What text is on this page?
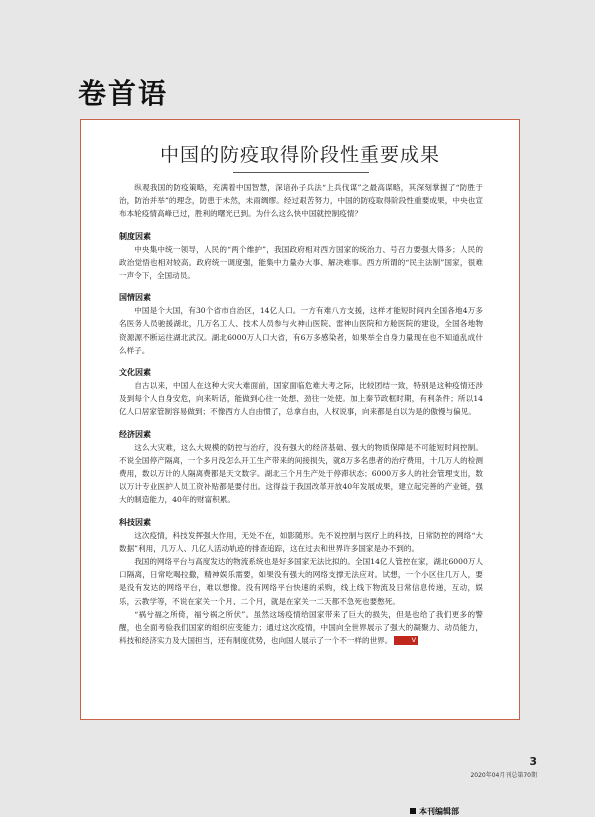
卷首语
中国的防疫取得阶段性重要成果

纵观我国的防疫策略，充满着中国智慧，深谙孙子兵法“上兵伐谋”之最高谋略，其深刻掌握了“防胜于治，防治并举”的理念，防患于未然，未雨绸缪。经过艰苦努力，中国的防疫取得阶段性重要成果，中央也宣布本轮疫情高峰已过，胜利的曙光已到。为什么这么快中国就控制疫情？

制度因素

中央集中统一领导，人民的“两个维护”，我国政府相对西方国家的统治力、号召力要强大得多；人民的政治觉悟也相对较高。政府统一调度强，能集中力量办大事、解决难事。西方所谓的“民主法制”国家，很难一声令下，全国动员。

国情因素

中国是个大国，有30个省市自治区，14亿人口。一方有难八方支援，这样才能短时间内全国各地4万多名医务人员驰援湖北，几万名工人、技术人员参与火神山医院、雷神山医院和方舱医院的建设，全国各地物资源源不断运往湖北武汉。湖北6000万人口大省，有6万多感染者，如果举全自身力量现在也不知道乱成什么样子。

文化因素

自古以来，中国人在这种大灾大难面前，国家面临危难大考之际，比较团结一致，特别是这种疫情还涉及到每个人自身安危，向来听话，能做到心往一处想、劲往一处使。加上秦节政框时期，有利条件；所以14亿人口居家管制容易做到；不像西方人自由惯了，总拿自由，人权说事，向来都是自以为是的傲慢与偏见。

经济因素

这么大灾难，这么大规模的防控与治疗，没有强大的经济基础、强大的物质保障是不可能短时间控制。不说全国停产隔离，一个多月没怎么开工生产带来的间接损失，就8万多名患者的治疗费用，十几万人的检测费用，数以万计的人隔离费都是天文数字。湖北三个月生产处于停滞状态；6000万多人的社会管理支出，数以万计专业医护人员工资补贴都是要付出。这得益于我国改革开放40年发展成果，建立起完善的产业链，强大的制造能力，40年的财富积累。

科技因素

这次疫情，科技发挥强大作用，无处不在，如影随形。先不说控制与医疗上的科技，日常防控的网络“大数据”利用，几万人、几亿人活动轨迹的排查追踪，这在过去和世界许多国家是办不到的。

我国的网络平台与高度发达的物流系统也是好多国家无法比拟的。全国14亿人管控在家，湖北6000万人口隔离，日常吃喝拉撒，精神娱乐需要，如果没有强大的网络支撑无法应对。试想，一个小区住几万人，要是没有发达的网络平台，难以想像。没有网络平台快速的采购，线上线下物流及日常信息传递，互动，娱乐，云教学等，不说在家关一个月、二个月，就是在家关一二天都不急死也要憋死。

“祸兮福之所倚，福兮祸之所伏”。虽然这场疫情给国家带来了巨大的损失，但是也给了我们更多的警醒，也全面考验我们国家的组织应变能力；通过这次疫情，中国向全世界展示了强大的凝聚力、动员能力，科技和经济实力及大国担当，还有制度优势，也向国人展示了一个不一样的世界。	V

本刊编辑部
3
2020年04月刊总第70期
